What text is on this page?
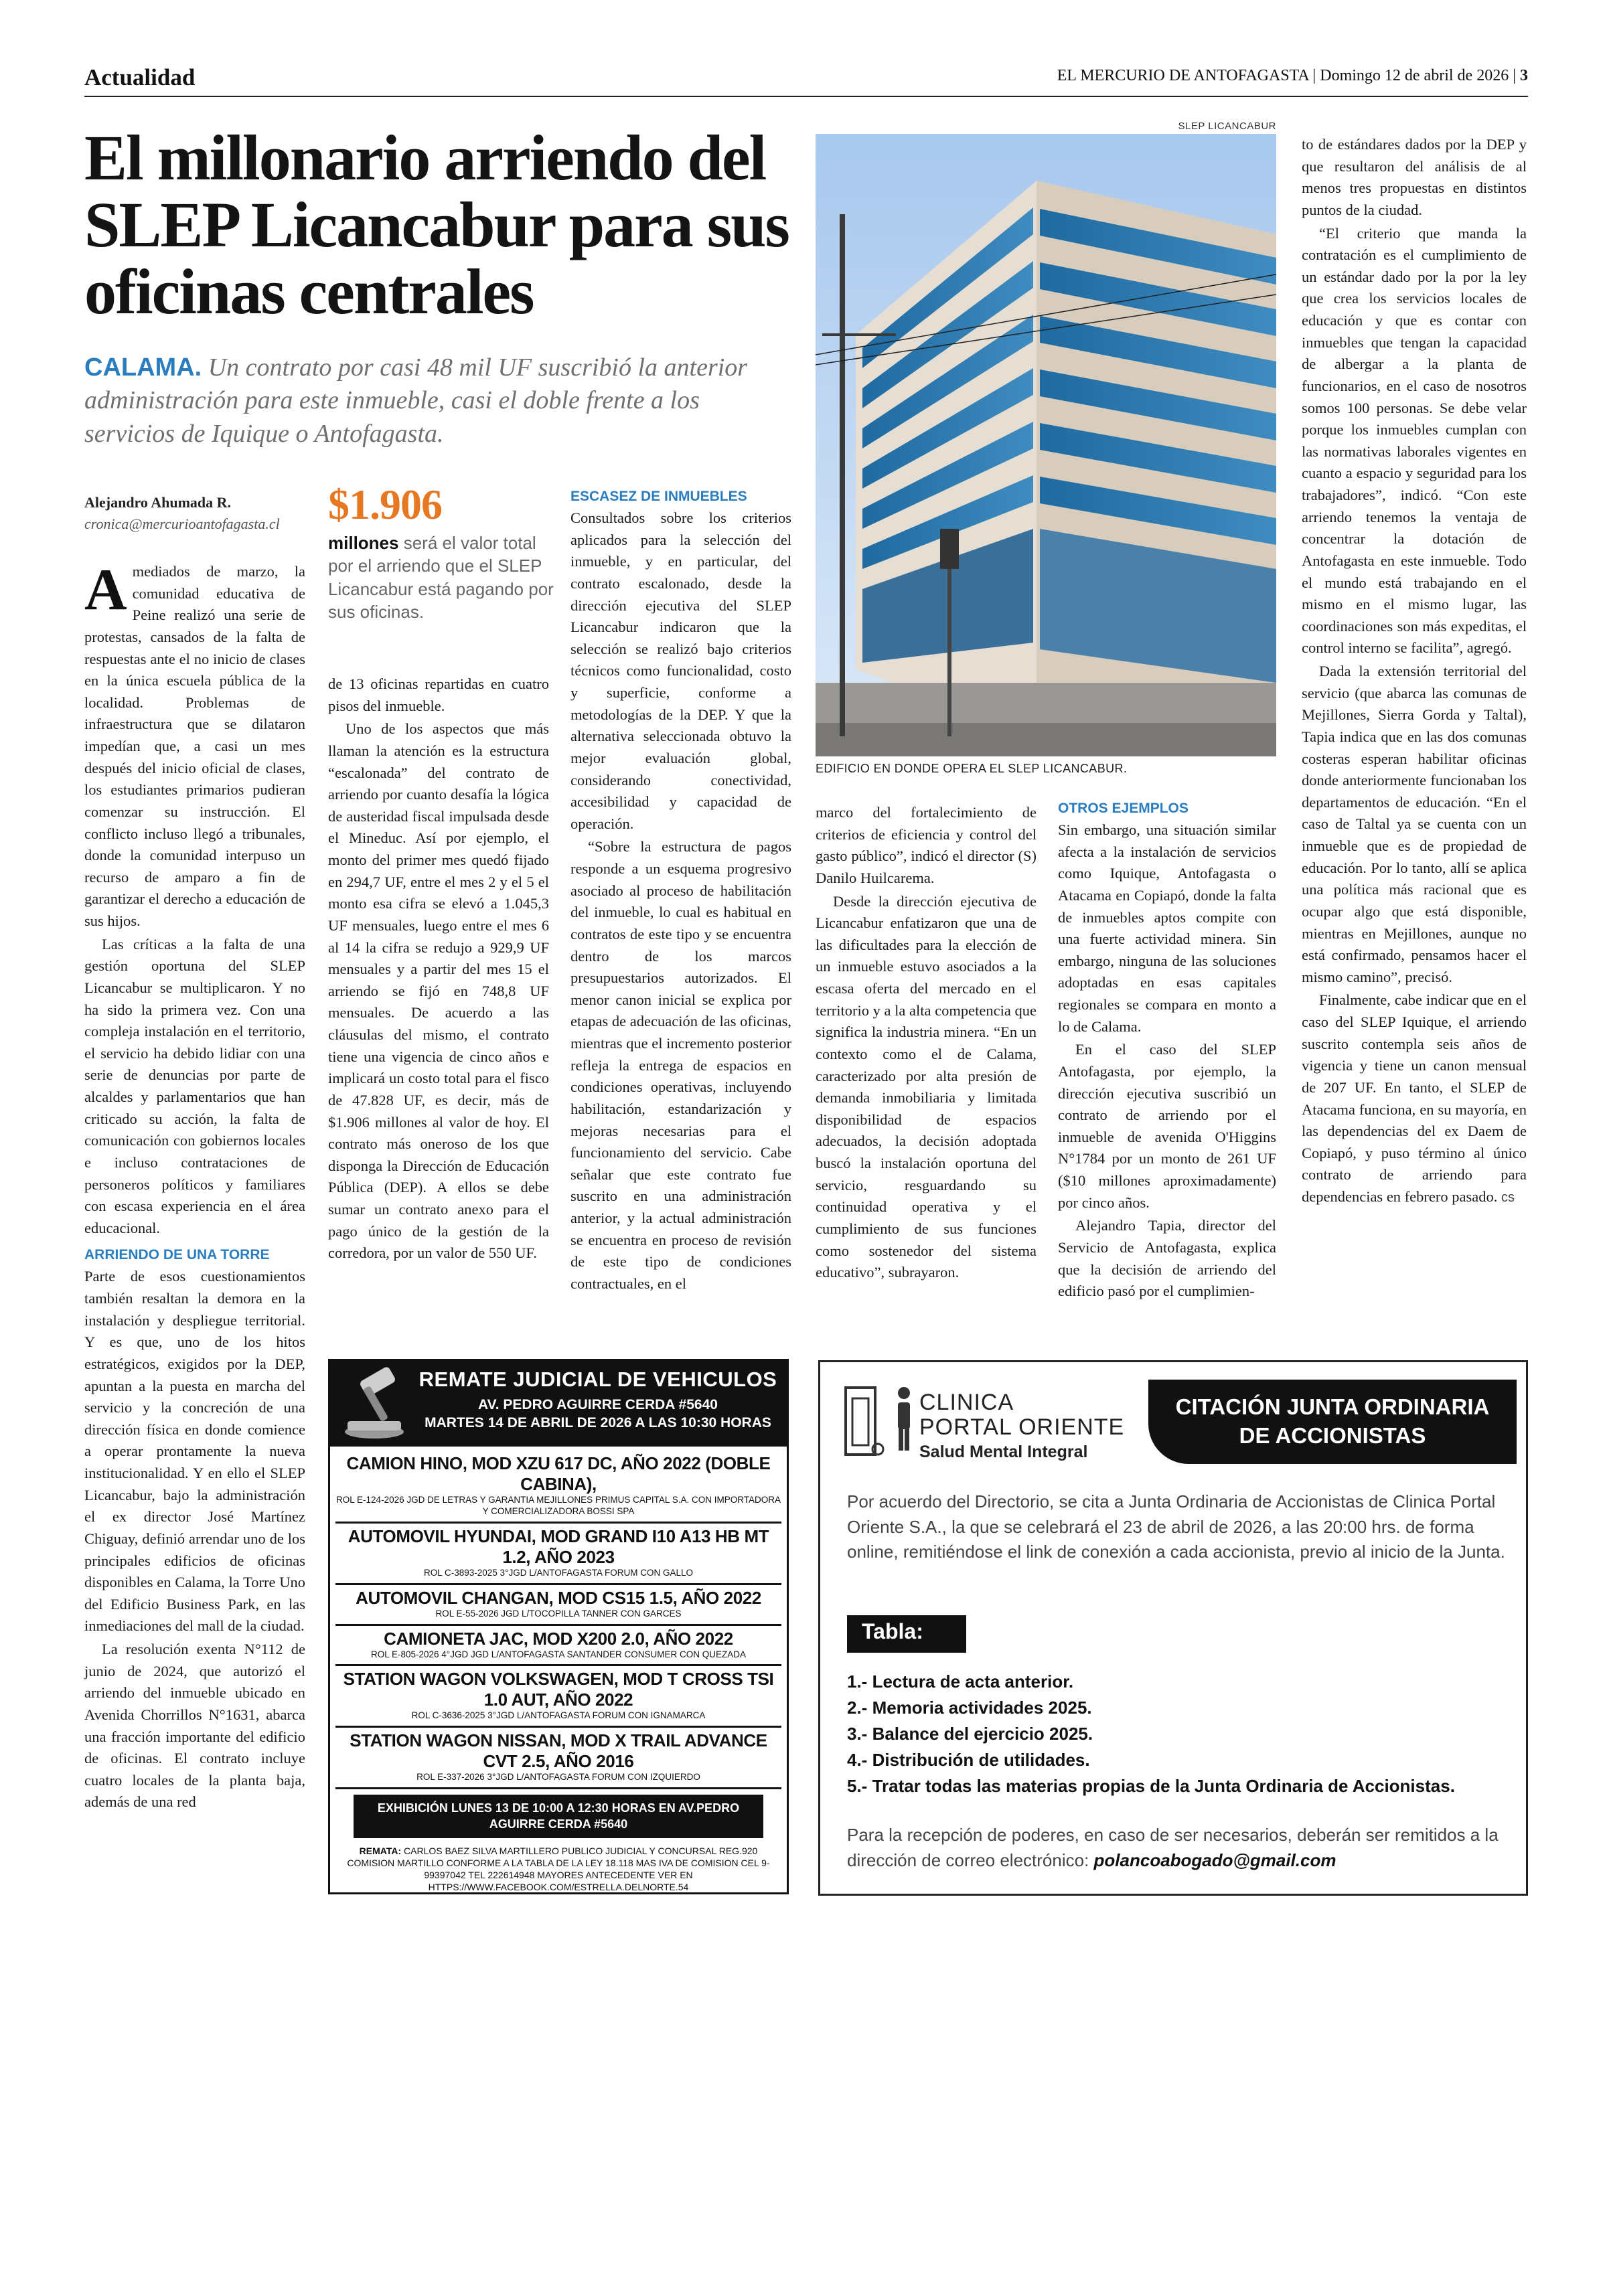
Actualidad	EL MERCURIO DE ANTOFAGASTA | Domingo 12 de abril de 2026 | 3
El millonario arriendo del SLEP Licancabur para sus oficinas centrales
CALAMA. Un contrato por casi 48 mil UF suscribió la anterior administración para este inmueble, casi el doble frente a los servicios de Iquique o Antofagasta.
Alejandro Ahumada R.
cronica@mercurioantofagasta.cl	$1.906
millones será el valor total por el arriendo que el SLEP Licancabur está pagando por sus oficinas.

Amediados de marzo, la comunidad educativa de Peine realizó una serie de protestas, cansados de la falta de respuestas ante el no inicio de clases en la única escuela pública de la localidad. Problemas de infraestructura que se dilataron impedían que, a casi un mes después del inicio oficial de clases, los estudiantes primarios pudieran comenzar su instrucción. El conflicto incluso llegó a tribunales, donde la comunidad interpuso un recurso de amparo a fin de garantizar el derecho a educación de sus hijos.

Las críticas a la falta de una gestión oportuna del SLEP Licancabur se multiplicaron. Y no ha sido la primera vez. Con una compleja instalación en el territorio, el servicio ha debido lidiar con una serie de denuncias por parte de alcaldes y parlamentarios que han criticado su acción, la falta de comunicación con gobiernos locales e incluso contrataciones de personeros políticos y familiares con escasa experiencia en el área educacional.

ARRIENDO DE UNA TORRE

Parte de esos cuestionamientos también resaltan la demora en la instalación y despliegue territorial. Y es que, uno de los hitos estratégicos, exigidos por la DEP, apuntan a la puesta en marcha del servicio y la concreción de una dirección física en donde comience a operar prontamente la nueva institucionalidad. Y en ello el SLEP Licancabur, bajo la administración el ex director José Martínez Chiguay, definió arrendar uno de los principales edificios de oficinas disponibles en Calama, la Torre Uno del Edificio Business Park, en las inmediaciones del mall de la ciudad.

La resolución exenta N°112 de junio de 2024, que autorizó el arriendo del inmueble ubicado en Avenida Chorrillos N°1631, abarca una fracción importante del edificio de oficinas. El contrato incluye cuatro locales de la planta baja, además de una red

de 13 oficinas repartidas en cuatro pisos del inmueble.

Uno de los aspectos que más llaman la atención es la estructura “escalonada” del contrato de arriendo por cuanto desafía la lógica de austeridad fiscal impulsada desde el Mineduc. Así por ejemplo, el monto del primer mes quedó fijado en 294,7 UF, entre el mes 2 y el 5 el monto esa cifra se elevó a 1.045,3 UF mensuales, luego entre el mes 6 al 14 la cifra se redujo a 929,9 UF mensuales y a partir del mes 15 el arriendo se fijó en 748,8 UF mensuales. De acuerdo a las cláusulas del mismo, el contrato tiene una vigencia de cinco años e implicará un costo total para el fisco de 47.828 UF, es decir, más de $1.906 millones al valor de hoy. El contrato más oneroso de los que disponga la Dirección de Educación Pública (DEP). A ellos se debe sumar un contrato anexo para el pago único de la gestión de la corredora, por un valor de 550 UF.

ESCASEZ DE INMUEBLES

Consultados sobre los criterios aplicados para la selección del inmueble, y en particular, del contrato escalonado, desde la dirección ejecutiva del SLEP Licancabur indicaron que la selección se realizó bajo criterios técnicos como funcionalidad, costo y superficie, conforme a metodologías de la DEP. Y que la alternativa seleccionada obtuvo la mejor evaluación global, considerando conectividad, accesibilidad y capacidad de operación.

“Sobre la estructura de pagos responde a un esquema progresivo asociado al proceso de habilitación del inmueble, lo cual es habitual en contratos de este tipo y se encuentra dentro de los marcos presupuestarios autorizados. El menor canon inicial se explica por etapas de adecuación de las oficinas, mientras que el incremento posterior refleja la entrega de espacios en condiciones operativas, incluyendo habilitación, estandarización y mejoras necesarias para el funcionamiento del servicio. Cabe señalar que este contrato fue suscrito en una administración anterior, y la actual administración se encuentra en proceso de revisión de este tipo de condiciones contractuales, en el

SLEP LICANCABUR
EDIFICIO EN DONDE OPERA EL SLEP LICANCABUR.

marco del fortalecimiento de criterios de eficiencia y control del gasto público”, indicó el director (S) Danilo Huilcarema.

Desde la dirección ejecutiva de Licancabur enfatizaron que una de las dificultades para la elección de un inmueble estuvo asociados a la escasa oferta del mercado en el territorio y a la alta competencia que significa la industria minera. “En un contexto como el de Calama, caracterizado por alta presión de demanda inmobiliaria y limitada disponibilidad de espacios adecuados, la decisión adoptada buscó la instalación oportuna del servicio, resguardando su continuidad operativa y el cumplimiento de sus funciones como sostenedor del sistema educativo”, subrayaron.

OTROS EJEMPLOS

Sin embargo, una situación similar afecta a la instalación de servicios como Iquique, Antofagasta o Atacama en Copiapó, donde la falta de inmuebles aptos compite con una fuerte actividad minera. Sin embargo, ninguna de las soluciones adoptadas en esas capitales regionales se compara en monto a lo de Calama.

En el caso del SLEP Antofagasta, por ejemplo, la dirección ejecutiva suscribió un contrato de arriendo por el inmueble de avenida O'Higgins N°1784 por un monto de 261 UF ($10 millones aproximadamente) por cinco años.

Alejandro Tapia, director del Servicio de Antofagasta, explica que la decisión de arriendo del edificio pasó por el cumplimien-

to de estándares dados por la DEP y que resultaron del análisis de al menos tres propuestas en distintos puntos de la ciudad.

“El criterio que manda la contratación es el cumplimiento de un estándar dado por la por la ley que crea los servicios locales de educación y que es contar con inmuebles que tengan la capacidad de albergar a la planta de funcionarios, en el caso de nosotros somos 100 personas. Se debe velar porque los inmuebles cumplan con las normativas laborales vigentes en cuanto a espacio y seguridad para los trabajadores”, indicó. “Con este arriendo tenemos la ventaja de concentrar la dotación de Antofagasta en este inmueble. Todo el mundo está trabajando en el mismo en el mismo lugar, las coordinaciones son más expeditas, el control interno se facilita”, agregó.

Dada la extensión territorial del servicio (que abarca las comunas de Mejillones, Sierra Gorda y Taltal), Tapia indica que en las dos comunas costeras esperan habilitar oficinas donde anteriormente funcionaban los departamentos de educación. “En el caso de Taltal ya se cuenta con un inmueble que es de propiedad de educación. Por lo tanto, allí se aplica una política más racional que es ocupar algo que está disponible, mientras en Mejillones, aunque no está confirmado, pensamos hacer el mismo camino”, precisó.

Finalmente, cabe indicar que en el caso del SLEP Iquique, el arriendo suscrito contempla seis años de vigencia y tiene un canon mensual de 207 UF. En tanto, el SLEP de Atacama funciona, en su mayoría, en las dependencias del ex Daem de Copiapó, y puso término al único contrato de arriendo para dependencias en febrero pasado. cs

REMATE JUDICIAL DE VEHICULOS
AV. PEDRO AGUIRRE CERDA #5640
MARTES 14 DE ABRIL DE 2026 A LAS 10:30 HORAS
CAMION HINO, MOD XZU 617 DC, AÑO 2022 (DOBLE CABINA),
ROL E-124-2026 JGD DE LETRAS Y GARANTIA MEJILLONES PRIMUS CAPITAL S.A. CON IMPORTADORA Y COMERCIALIZADORA BOSSI SPA
AUTOMOVIL HYUNDAI, MOD GRAND I10 A13 HB MT 1.2, AÑO 2023
ROL C-3893-2025 3°JGD L/ANTOFAGASTA FORUM CON GALLO
AUTOMOVIL CHANGAN, MOD CS15 1.5, AÑO 2022
ROL E-55-2026 JGD L/TOCOPILLA TANNER CON GARCES
CAMIONETA JAC, MOD X200 2.0, AÑO 2022
ROL E-805-2026 4°JGD JGD L/ANTOFAGASTA SANTANDER CONSUMER CON QUEZADA
STATION WAGON VOLKSWAGEN, MOD T CROSS TSI 1.0 AUT, AÑO 2022
ROL C-3636-2025 3°JGD L/ANTOFAGASTA FORUM CON IGNAMARCA
STATION WAGON NISSAN, MOD X TRAIL ADVANCE CVT 2.5, AÑO 2016
ROL E-337-2026 3°JGD L/ANTOFAGASTA FORUM CON IZQUIERDO
EXHIBICIÓN LUNES 13 DE 10:00 A 12:30 HORAS EN AV.PEDRO AGUIRRE CERDA #5640
REMATA: CARLOS BAEZ SILVA MARTILLERO PUBLICO JUDICIAL Y CONCURSAL REG.920 COMISION MARTILLO CONFORME A LA TABLA DE LA LEY 18.118 MAS IVA DE COMISION CEL 9-99397042 TEL 222614948 MAYORES ANTECEDENTE VER EN HTTPS://WWW.FACEBOOK.COM/ESTRELLA.DELNORTE.54
CLINICA
PORTAL ORIENTE
Salud Mental Integral
CITACIÓN JUNTA ORDINARIA
DE ACCIONISTAS
Por acuerdo del Directorio, se cita a Junta Ordinaria de Accionistas de Clinica Portal Oriente S.A., la que se celebrará el 23 de abril de 2026, a las 20:00 hrs. de forma online, remitiéndose el link de conexión a cada accionista, previo al inicio de la Junta.
Tabla:
1.- Lectura de acta anterior.
2.- Memoria actividades 2025.
3.- Balance del ejercicio 2025.
4.- Distribución de utilidades.
5.- Tratar todas las materias propias de la Junta Ordinaria de Accionistas.
Para la recepción de poderes, en caso de ser necesarios, deberán ser remitidos a la dirección de correo electrónico: polancoabogado@gmail.com
